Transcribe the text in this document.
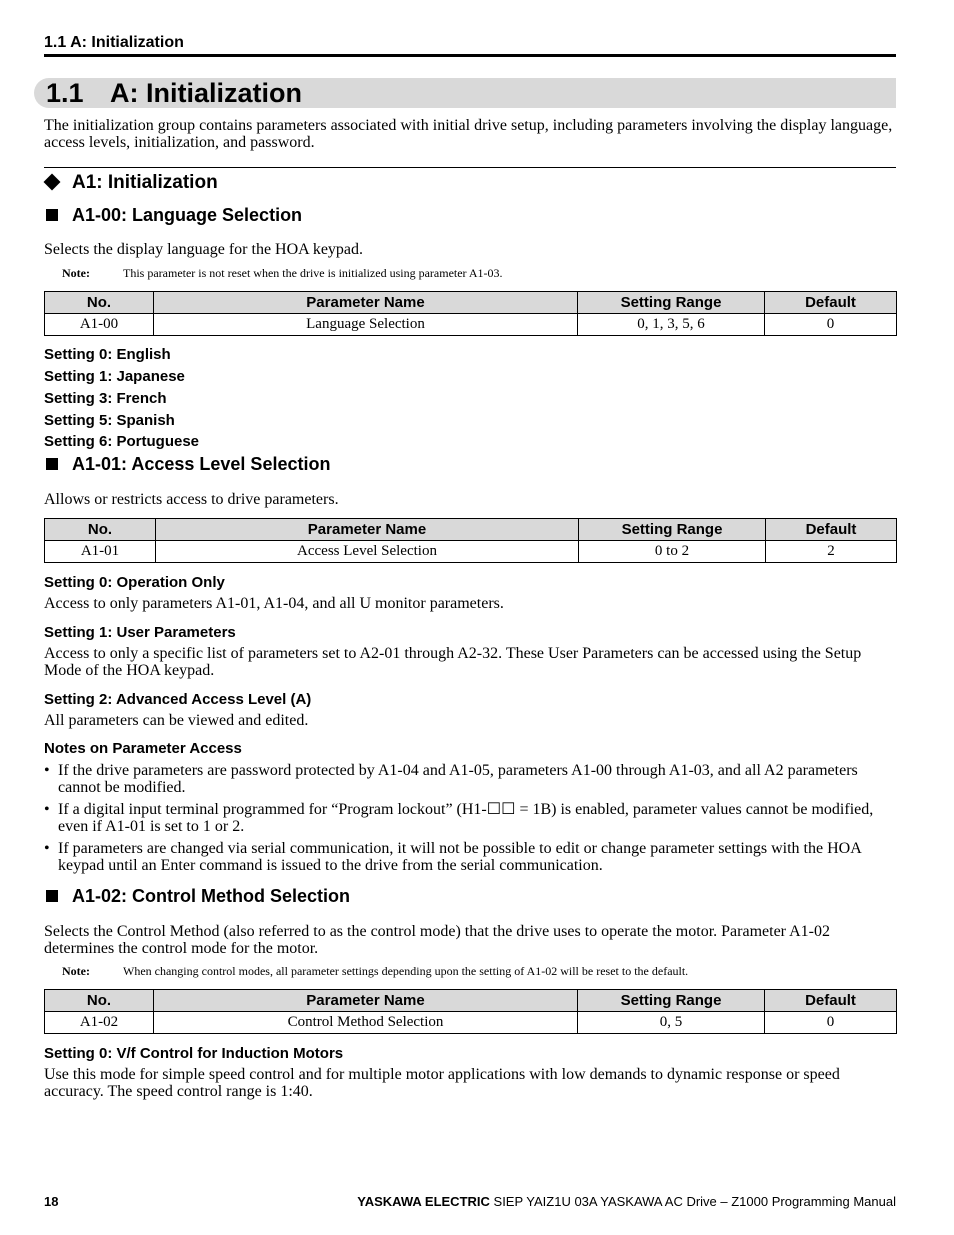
1.1 A: Initialization
1.1 A: Initialization
The initialization group contains parameters associated with initial drive setup, including parameters involving the display language, access levels, initialization, and password.
A1: Initialization
A1-00: Language Selection
Selects the display language for the HOA keypad.
Note:	This parameter is not reset when the drive is initialized using parameter A1-03.
No.	Parameter Name	Setting Range	Default
A1-00	Language Selection	0, 1, 3, 5, 6	0
Setting 0: English
Setting 1: Japanese
Setting 3: French
Setting 5: Spanish
Setting 6: Portuguese
A1-01: Access Level Selection
Allows or restricts access to drive parameters.
No.	Parameter Name	Setting Range	Default
A1-01	Access Level Selection	0 to 2	2
Setting 0: Operation Only
Access to only parameters A1-01, A1-04, and all U monitor parameters.
Setting 1: User Parameters
Access to only a specific list of parameters set to A2-01 through A2-32. These User Parameters can be accessed using the Setup Mode of the HOA keypad.
Setting 2: Advanced Access Level (A)
All parameters can be viewed and edited.
Notes on Parameter Access
• If the drive parameters are password protected by A1-04 and A1-05, parameters A1-00 through A1-03, and all A2 parameters cannot be modified.
• If a digital input terminal programmed for “Program lockout” (H1-☐☐ = 1B) is enabled, parameter values cannot be modified, even if A1-01 is set to 1 or 2.
• If parameters are changed via serial communication, it will not be possible to edit or change parameter settings with the HOA keypad until an Enter command is issued to the drive from the serial communication.
A1-02: Control Method Selection
Selects the Control Method (also referred to as the control mode) that the drive uses to operate the motor. Parameter A1-02 determines the control mode for the motor.
Note:	When changing control modes, all parameter settings depending upon the setting of A1-02 will be reset to the default.
No.	Parameter Name	Setting Range	Default
A1-02	Control Method Selection	0, 5	0
Setting 0: V/f Control for Induction Motors
Use this mode for simple speed control and for multiple motor applications with low demands to dynamic response or speed accuracy. The speed control range is 1:40.
18	YASKAWA ELECTRIC SIEP YAIZ1U 03A YASKAWA AC Drive – Z1000 Programming Manual
